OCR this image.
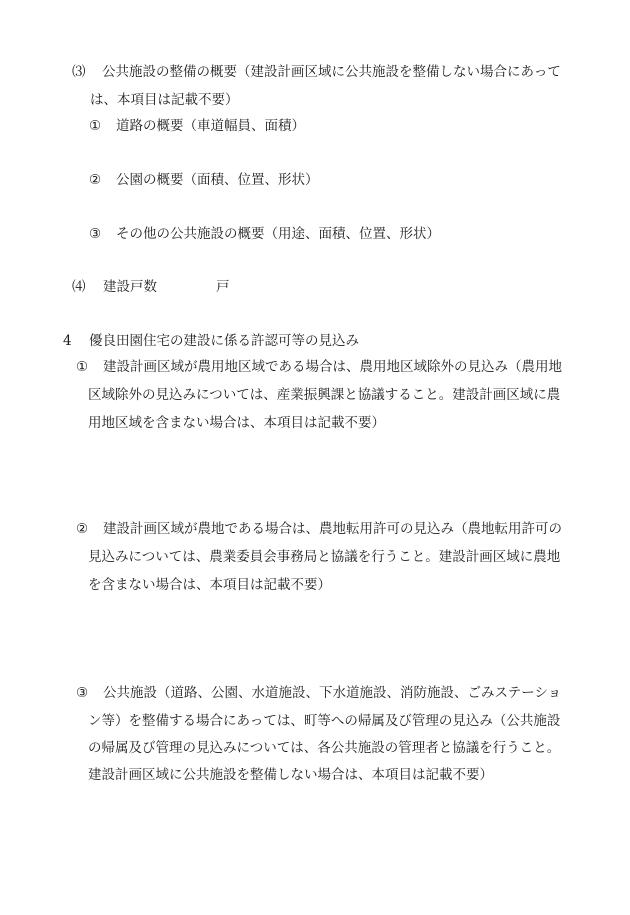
⑶ 公共施設の整備の概要（建設計画区域に公共施設を整備しない場合にあって
は、本項目は記載不要）
① 道路の概要（車道幅員、面積）
② 公園の概要（面積、位置、形状）
③ その他の公共施設の概要（用途、面積、位置、形状）
⑷ 建設戸数	戸
4 優良田園住宅の建設に係る許認可等の見込み
① 建設計画区域が農用地区域である場合は、農用地区域除外の見込み（農用地
区域除外の見込みについては、産業振興課と協議すること。建設計画区域に農
用地区域を含まない場合は、本項目は記載不要）
② 建設計画区域が農地である場合は、農地転用許可の見込み（農地転用許可の
見込みについては、農業委員会事務局と協議を行うこと。建設計画区域に農地
を含まない場合は、本項目は記載不要）
③ 公共施設（道路、公園、水道施設、下水道施設、消防施設、ごみステーショ
ン等）を整備する場合にあっては、町等への帰属及び管理の見込み（公共施設
の帰属及び管理の見込みについては、各公共施設の管理者と協議を行うこと。
建設計画区域に公共施設を整備しない場合は、本項目は記載不要）
